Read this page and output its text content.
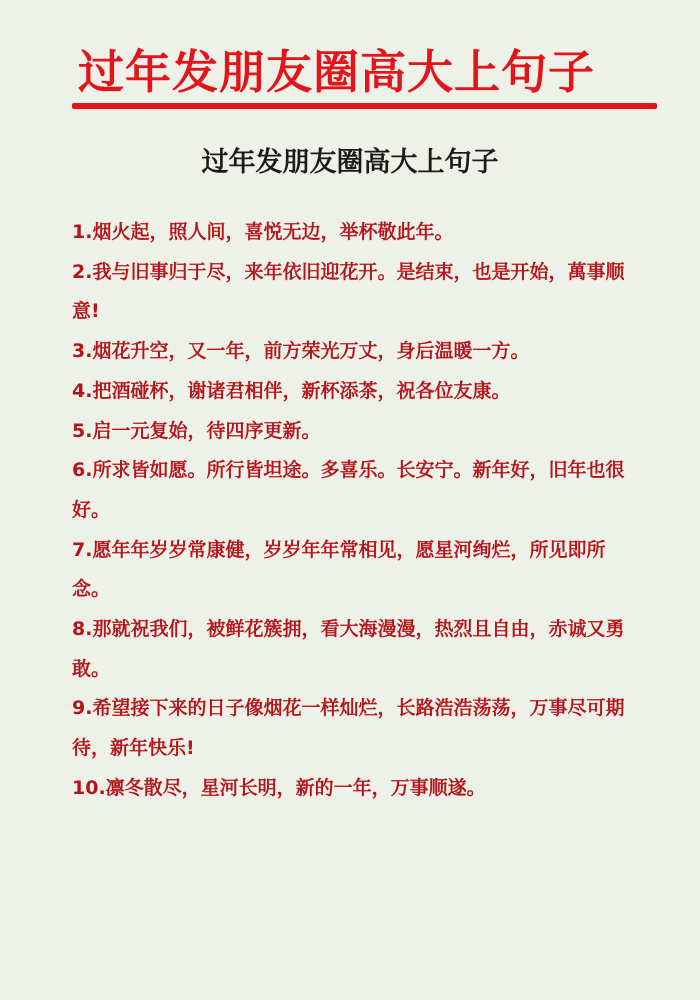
过年发朋友圈高大上句子
过年发朋友圈高大上句子
1.烟火起，照人间，喜悦无边，举杯敬此年。
2.我与旧事归于尽，来年依旧迎花开。是结束，也是开始，萬事顺意!
3.烟花升空，又一年，前方荣光万丈，身后温暖一方。
4.把酒碰杯，谢诸君相伴，新杯添茶，祝各位友康。
5.启一元复始，待四序更新。
6.所求皆如愿。所行皆坦途。多喜乐。长安宁。新年好，旧年也很好。
7.愿年年岁岁常康健，岁岁年年常相见，愿星河绚烂，所见即所念。
8.那就祝我们，被鲜花簇拥，看大海漫漫，热烈且自由，赤诚又勇敢。
9.希望接下来的日子像烟花一样灿烂，长路浩浩荡荡，万事尽可期待，新年快乐!
10.凛冬散尽，星河长明，新的一年，万事顺遂。
